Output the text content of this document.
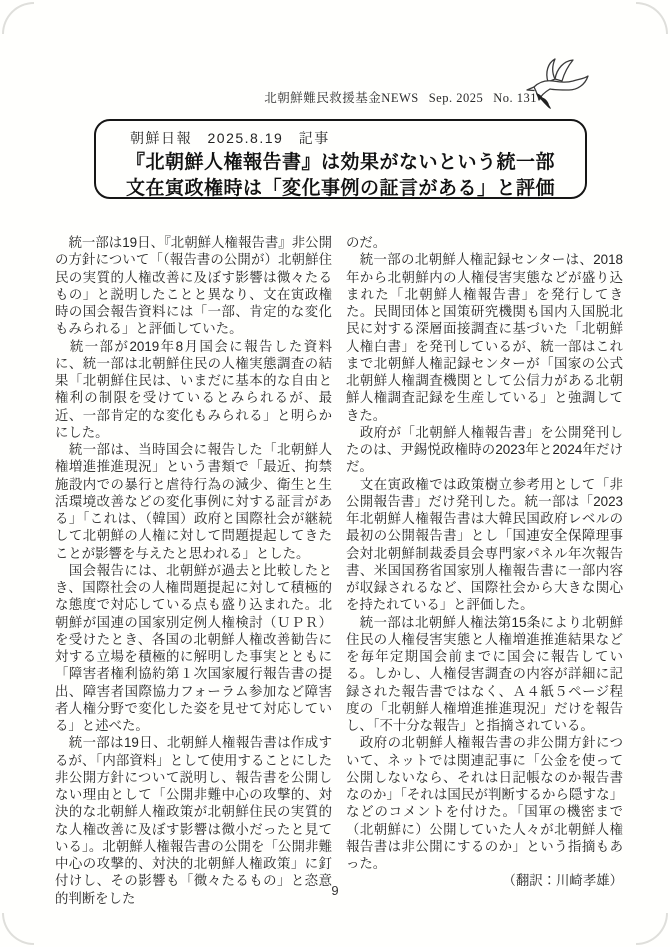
北朝鮮難民救援基金NEWS Sep. 2025 No. 131
朝鮮日報　2025.8.19　記事
『北朝鮮人権報告書』は効果がないという統一部
文在寅政権時は「変化事例の証言がある」と評価

　統一部は19日、『北朝鮮人権報告書』非公開の方針について「（報告書の公開が）北朝鮮住民の実質的人権改善に及ぼす影響は微々たるもの」と説明したことと異なり、文在寅政権時の国会報告資料には「一部、肯定的な変化もみられる」と評価していた。

　統一部が2019年8月国会に報告した資料に、統一部は北朝鮮住民の人権実態調査の結果「北朝鮮住民は、いまだに基本的な自由と権利の制限を受けているとみられるが、最近、一部肯定的な変化もみられる」と明らかにした。

　統一部は、当時国会に報告した「北朝鮮人権増進推進現況」という書類で「最近、拘禁施設内での暴行と虐待行為の減少、衛生と生活環境改善などの変化事例に対する証言がある」「これは、（韓国）政府と国際社会が継続して北朝鮮の人権に対して問題提起してきたことが影響を与えたと思われる」とした。

　国会報告には、北朝鮮が過去と比較したとき、国際社会の人権問題提起に対して積極的な態度で対応している点も盛り込まれた。北朝鮮が国連の国家別定例人権検討（ＵＰＲ）を受けたとき、各国の北朝鮮人権改善勧告に対する立場を積極的に解明した事実とともに「障害者権利協約第１次国家履行報告書の提出、障害者国際協力フォーラム参加など障害者人権分野で変化した姿を見せて対応している」と述べた。

　統一部は19日、北朝鮮人権報告書は作成するが、「内部資料」として使用することにした非公開方針について説明し、報告書を公開しない理由として「公開非難中心の攻撃的、対決的な北朝鮮人権政策が北朝鮮住民の実質的な人権改善に及ぼす影響は微小だったと見ている」。北朝鮮人権報告書の公開を「公開非難中心の攻撃的、対決的北朝鮮人権政策」に釘付けし、その影響も「微々たるもの」と恣意的判断をした

のだ。

　統一部の北朝鮮人権記録センターは、2018年から北朝鮮内の人権侵害実態などが盛り込まれた「北朝鮮人権報告書」を発行してきた。民間団体と国策研究機関も国内入国脱北民に対する深層面接調査に基づいた「北朝鮮人権白書」を発刊しているが、統一部はこれまで北朝鮮人権記録センターが「国家の公式北朝鮮人権調査機関として公信力がある北朝鮮人権調査記録を生産している」と強調してきた。

　政府が「北朝鮮人権報告書」を公開発刊したのは、尹錫悦政権時の2023年と2024年だけだ。

　文在寅政権では政策樹立参考用として「非公開報告書」だけ発刊した。統一部は「2023年北朝鮮人権報告書は大韓民国政府レベルの最初の公開報告書」とし「国連安全保障理事会対北朝鮮制裁委員会専門家パネル年次報告書、米国国務省国家別人権報告書に一部内容が収録されるなど、国際社会から大きな関心を持たれている」と評価した。

　統一部は北朝鮮人権法第15条により北朝鮮住民の人権侵害実態と人権増進推進結果などを毎年定期国会前までに国会に報告している。しかし、人権侵害調査の内容が詳細に記録された報告書ではなく、Ａ４紙５ページ程度の「北朝鮮人権増進推進現況」だけを報告し、「不十分な報告」と指摘されている。

　政府の北朝鮮人権報告書の非公開方針について、ネットでは関連記事に「公金を使って公開しないなら、それは日記帳なのか報告書なのか」「それは国民が判断するから隠すな」などのコメントを付けた。「国軍の機密まで（北朝鮮に）公開していた人々が北朝鮮人権報告書は非公開にするのか」という指摘もあった。

（翻訳：川崎孝雄）

9
